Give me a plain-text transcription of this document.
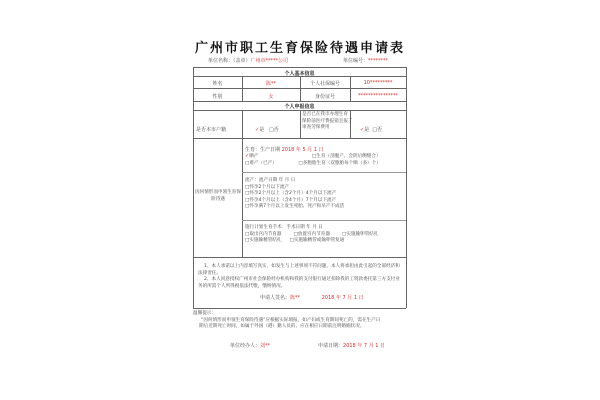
广州市职工生育保险待遇申请表
单位名称：（盖章）广州市*****公司	单位编号：********
个人基本信息
姓名	陈**	个人社保编号	10*********
性别	女	身份证号	****************
个人申报信息
是否本市户籍	✓是   □否
是否已在我市办理生育
保险前医疗费报销且报了
审查劳保费用	✓是  □否
因何情形而申领生育保
险待遇
生育：生产日期 2018 年 5 月 1 日
✓顺产	□生育（剖腹产、会阴后侧缝合）
□难产（已产）	□多胞胎生育（双胞胎每个顺（多）个）
流产：流产日期 年 月 日
□怀孕2个月以下流产
□怀孕2个月以上（含2个月）4个月以下流产
□怀孕4个月以上（含4个月）7个月以下流产
□怀孕满7个月以上发生死胎、死产和早产不成活
施行计划生育手术：手术日期 年 月 日
□取出宫内节育器	□放置宫内节育器	□实施输卵管结扎
□实施输精管结扎 □实施输精管或输卵管复通
1、本人承诺以上内容填写真实，如发生与上述事项不符问题，本人将承担由此引起的全部经济和法律责任。
2、本人同意授权广州市社会保险经办机构和我的支付银行通过扣除我的工资款委托第三方支付业务的所需个人所得税依法代缴，缴纳情况。
申请人签名：陈**	2018 年 7 月 1 日
温馨提示：
“因何情形而申领生育保险待遇”应根据实际填报，如产妇或生育期间死亡的，需在生产日
期后近期死亡时间，如属于外国（港）籍人员的，应在相应日期前注明婚姻状况。
单位经办人：刘**	申请日期：2018 年 7 月 1 日
